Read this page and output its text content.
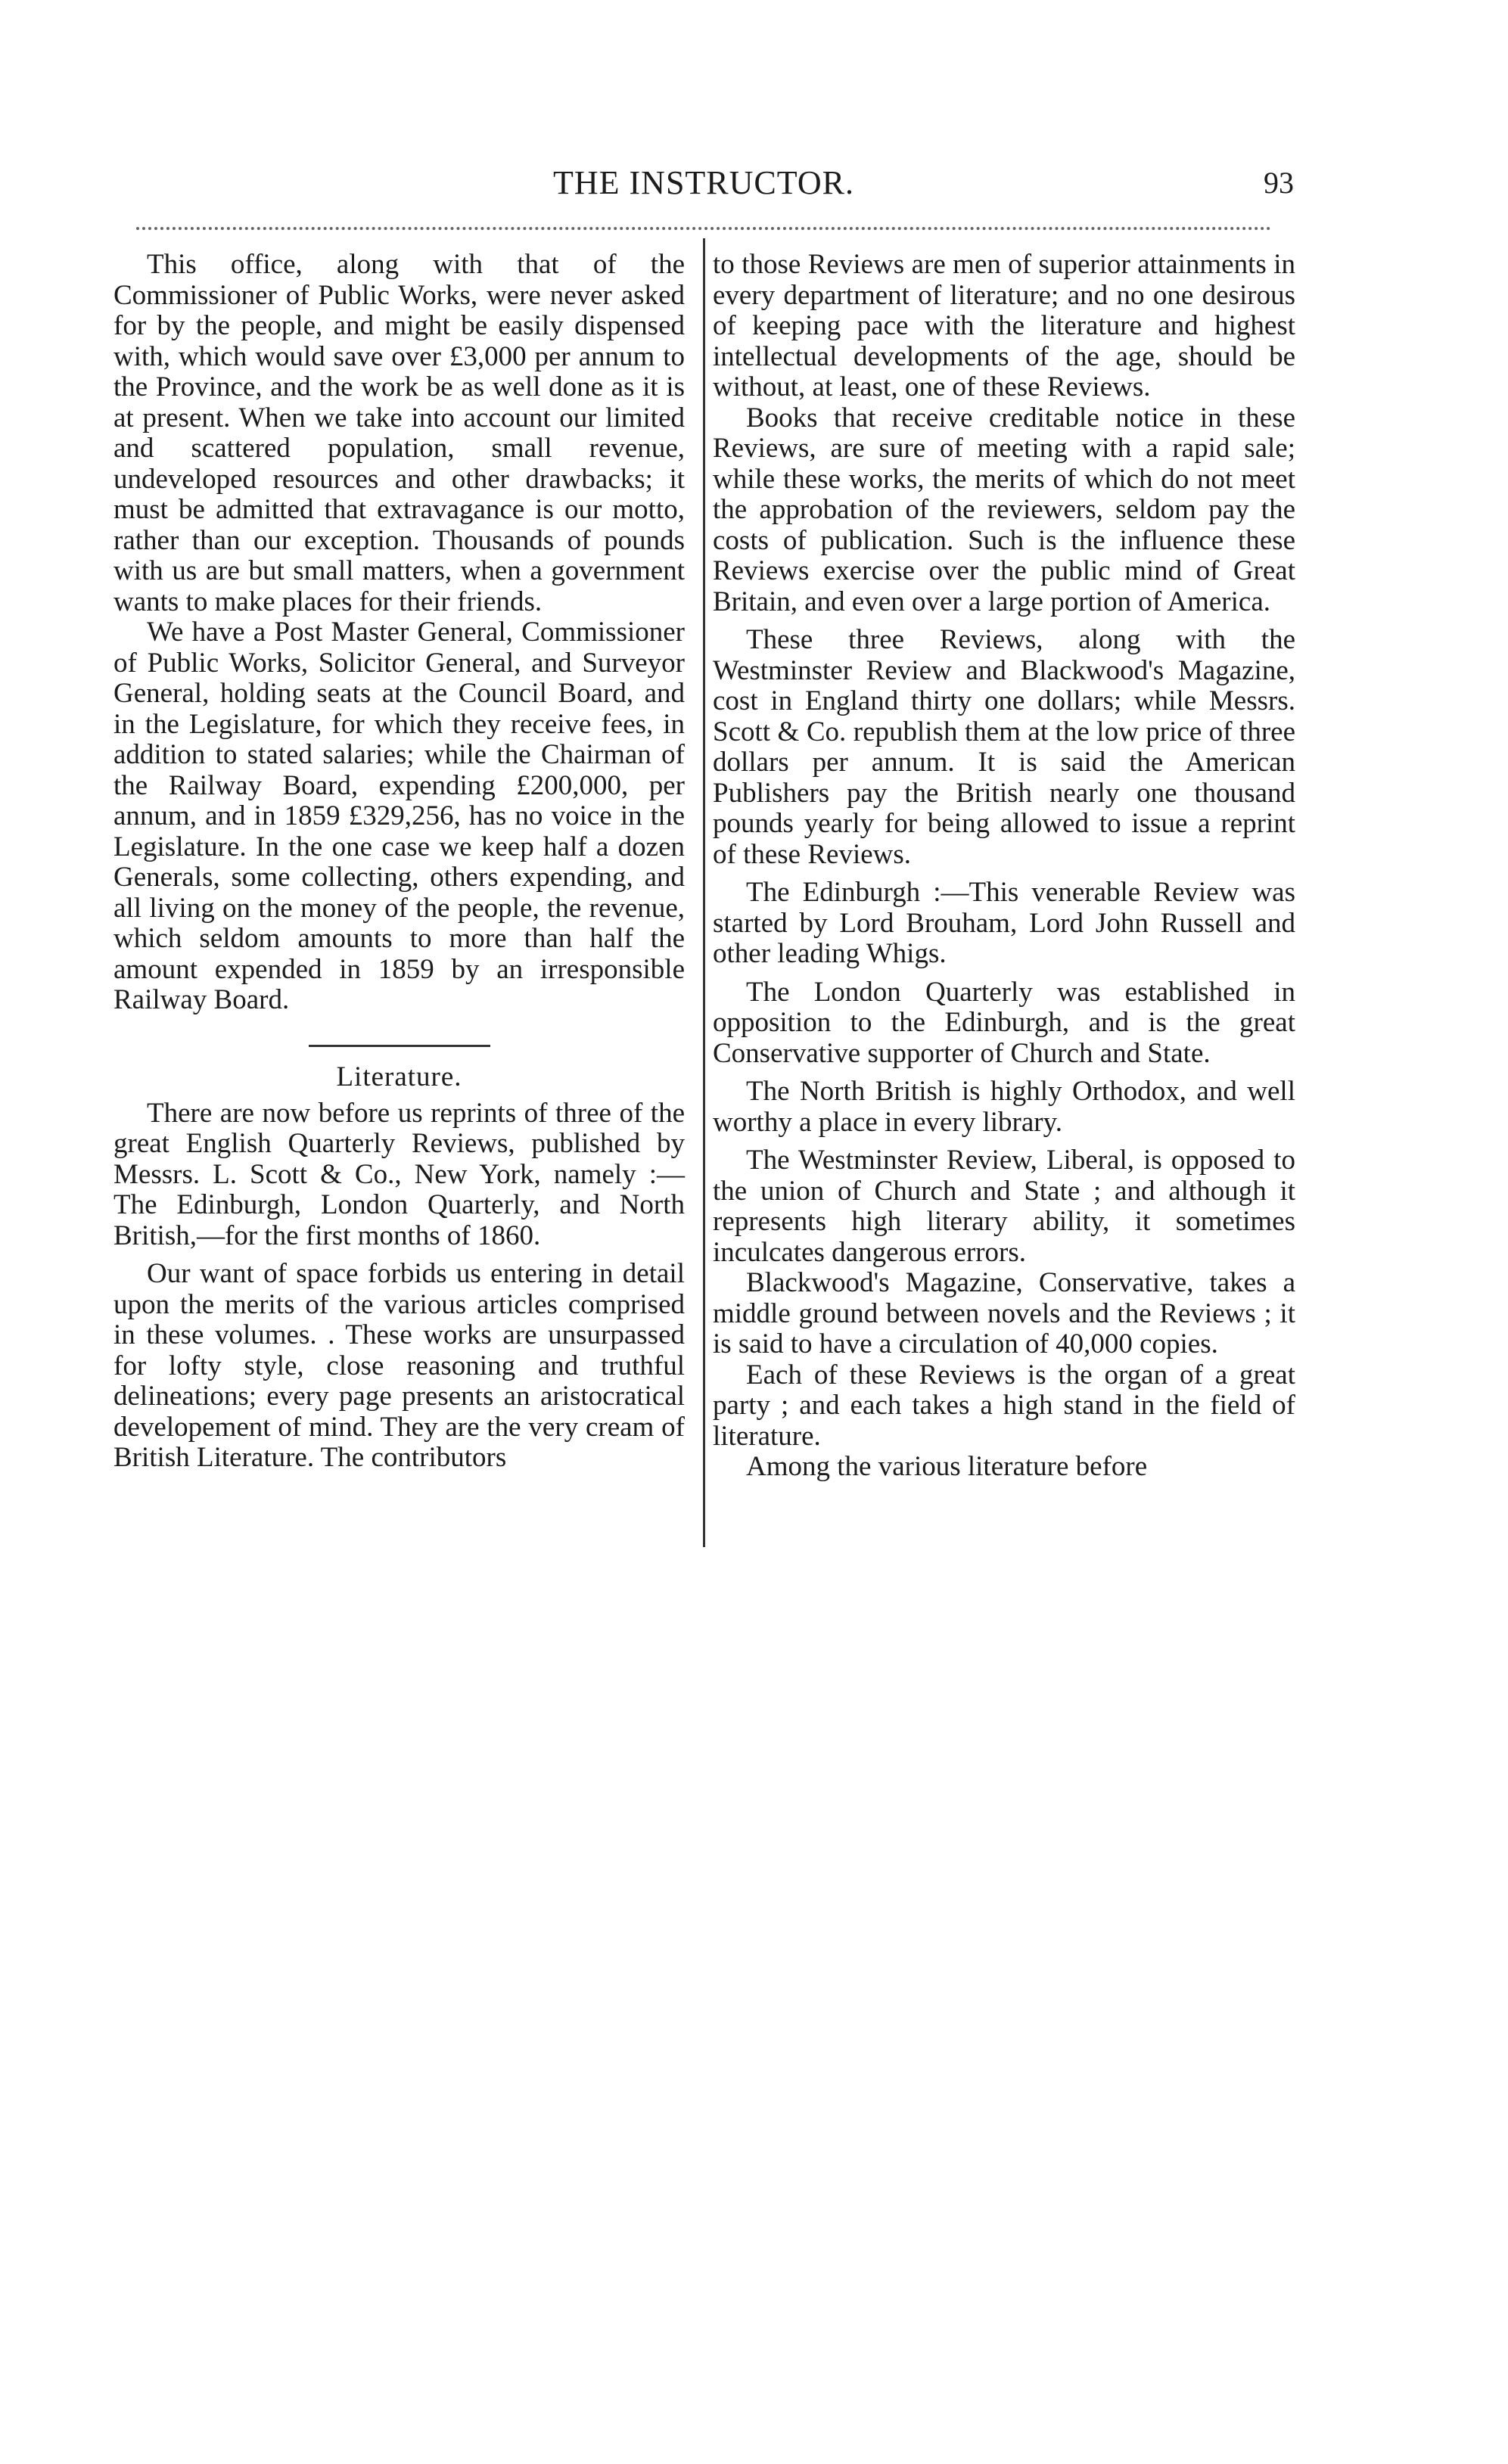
THE INSTRUCTOR.	93

This office, along with that of the Commissioner of Public Works, were never asked for by the people, and might be easily dispensed with, which would save over £3,000 per annum to the Province, and the work be as well done as it is at present. When we take into account our limited and scattered population, small revenue, undeveloped resources and other drawbacks; it must be admitted that extravagance is our motto, rather than our exception. Thousands of pounds with us are but small matters, when a government wants to make places for their friends.

We have a Post Master General, Commissioner of Public Works, Solicitor General, and Surveyor General, holding seats at the Council Board, and in the Legislature, for which they receive fees, in addition to stated salaries; while the Chairman of the Railway Board, expending £200,000, per annum, and in 1859 £329,256, has no voice in the Legislature. In the one case we keep half a dozen Generals, some collecting, others expending, and all living on the money of the people, the revenue, which seldom amounts to more than half the amount expended in 1859 by an irresponsible Railway Board.

Literature.

There are now before us reprints of three of the great English Quarterly Reviews, published by Messrs. L. Scott & Co., New York, namely :— The Edinburgh, London Quarterly, and North British,—for the first months of 1860.

Our want of space forbids us entering in detail upon the merits of the various articles comprised in these volumes. . These works are unsurpassed for lofty style, close reasoning and truthful delineations; every page presents an aristocratical developement of mind. They are the very cream of British Literature. The contributors

to those Reviews are men of superior attainments in every department of literature; and no one desirous of keeping pace with the literature and highest intellectual developments of the age, should be without, at least, one of these Reviews.

Books that receive creditable notice in these Reviews, are sure of meeting with a rapid sale; while these works, the merits of which do not meet the approbation of the reviewers, seldom pay the costs of publication. Such is the influence these Reviews exercise over the public mind of Great Britain, and even over a large portion of America.

These three Reviews, along with the Westminster Review and Blackwood's Magazine, cost in England thirty one dollars; while Messrs. Scott & Co. republish them at the low price of three dollars per annum. It is said the American Publishers pay the British nearly one thousand pounds yearly for being allowed to issue a reprint of these Reviews.

The Edinburgh :—This venerable Review was started by Lord Brouham, Lord John Russell and other leading Whigs.

The London Quarterly was established in opposition to the Edinburgh, and is the great Conservative supporter of Church and State.

The North British is highly Orthodox, and well worthy a place in every library.

The Westminster Review, Liberal, is opposed to the union of Church and State ; and although it represents high literary ability, it sometimes inculcates dangerous errors.

Blackwood's Magazine, Conservative, takes a middle ground between novels and the Reviews ; it is said to have a circulation of 40,000 copies.

Each of these Reviews is the organ of a great party ; and each takes a high stand in the field of literature.

Among the various literature before
